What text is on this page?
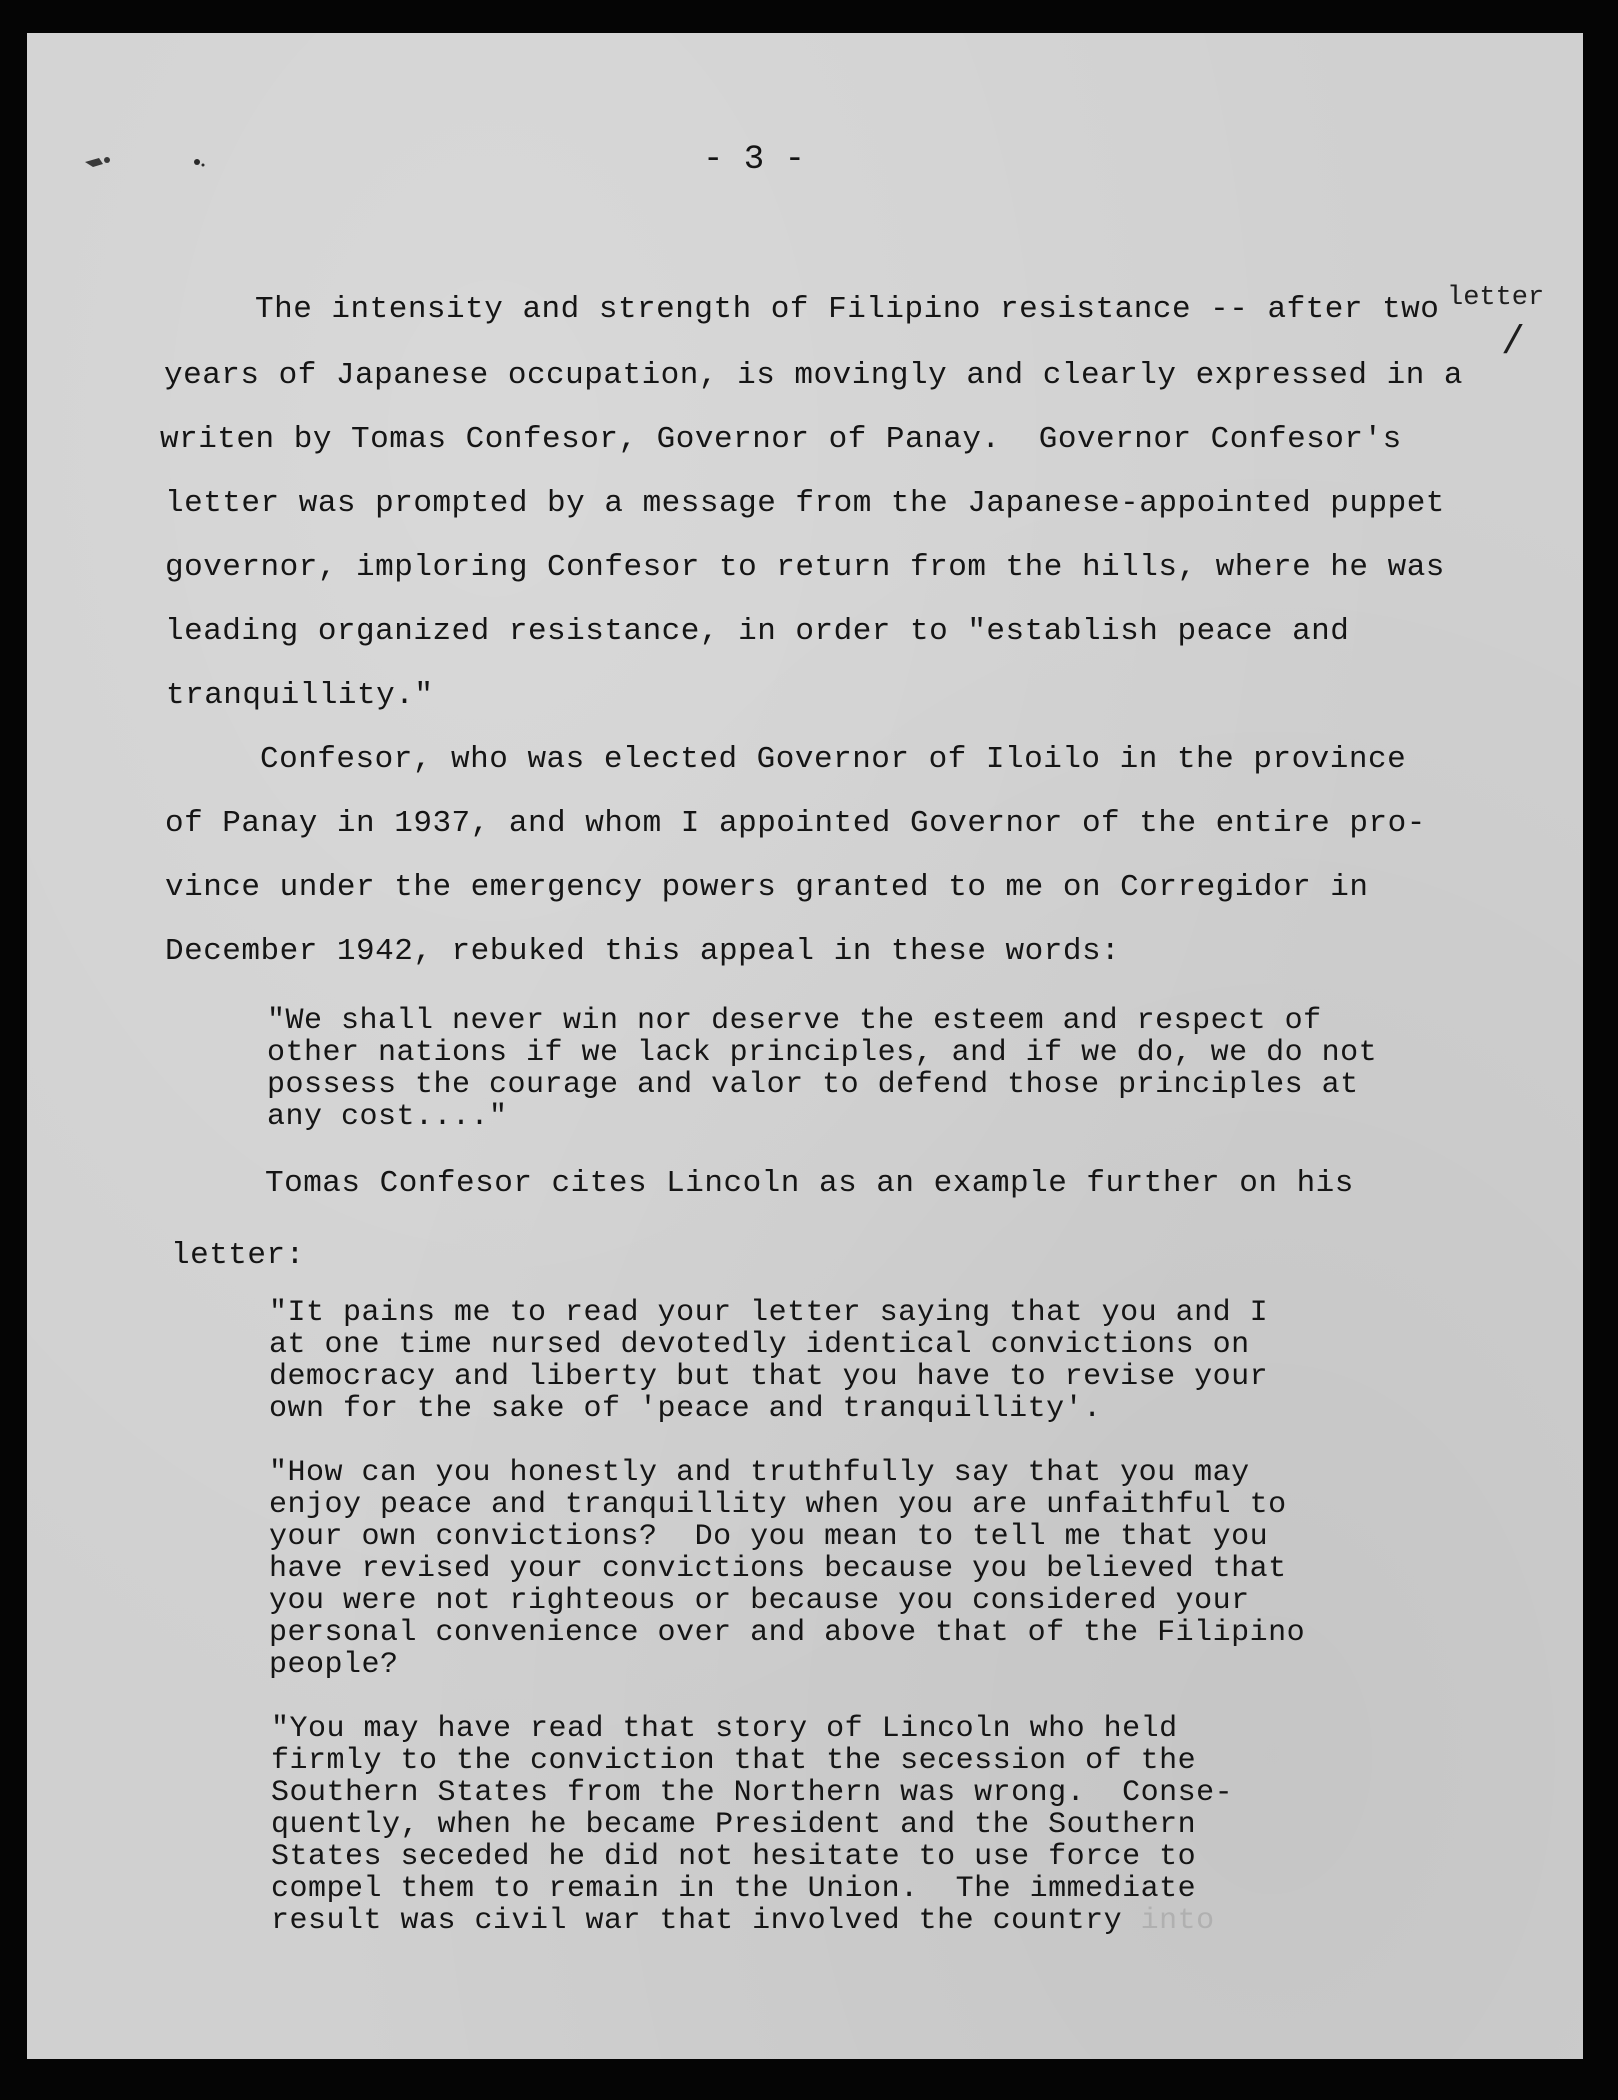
- 3 -

letter

The intensity and strength of Filipino resistance -- after two

years of Japanese occupation, is movingly and clearly expressed in a

/

writen by Tomas Confesor, Governor of Panay.  Governor Confesor's

letter was prompted by a message from the Japanese-appointed puppet

governor, imploring Confesor to return from the hills, where he was

leading organized resistance, in order to "establish peace and

tranquillity."

Confesor, who was elected Governor of Iloilo in the province

of Panay in 1937, and whom I appointed Governor of the entire pro-

vince under the emergency powers granted to me on Corregidor in

December 1942, rebuked this appeal in these words:

"We shall never win nor deserve the esteem and respect of

other nations if we lack principles, and if we do, we do not

possess the courage and valor to defend those principles at

any cost...."

Tomas Confesor cites Lincoln as an example further on his

letter:

"It pains me to read your letter saying that you and I

at one time nursed devotedly identical convictions on

democracy and liberty but that you have to revise your

own for the sake of 'peace and tranquillity'.

"How can you honestly and truthfully say that you may

enjoy peace and tranquillity when you are unfaithful to

your own convictions?  Do you mean to tell me that you

have revised your convictions because you believed that

you were not righteous or because you considered your

personal convenience over and above that of the Filipino

people?

"You may have read that story of Lincoln who held

firmly to the conviction that the secession of the

Southern States from the Northern was wrong.  Conse-

quently, when he became President and the Southern

States seceded he did not hesitate to use force to

compel them to remain in the Union.  The immediate

result was civil war that involved the country into
